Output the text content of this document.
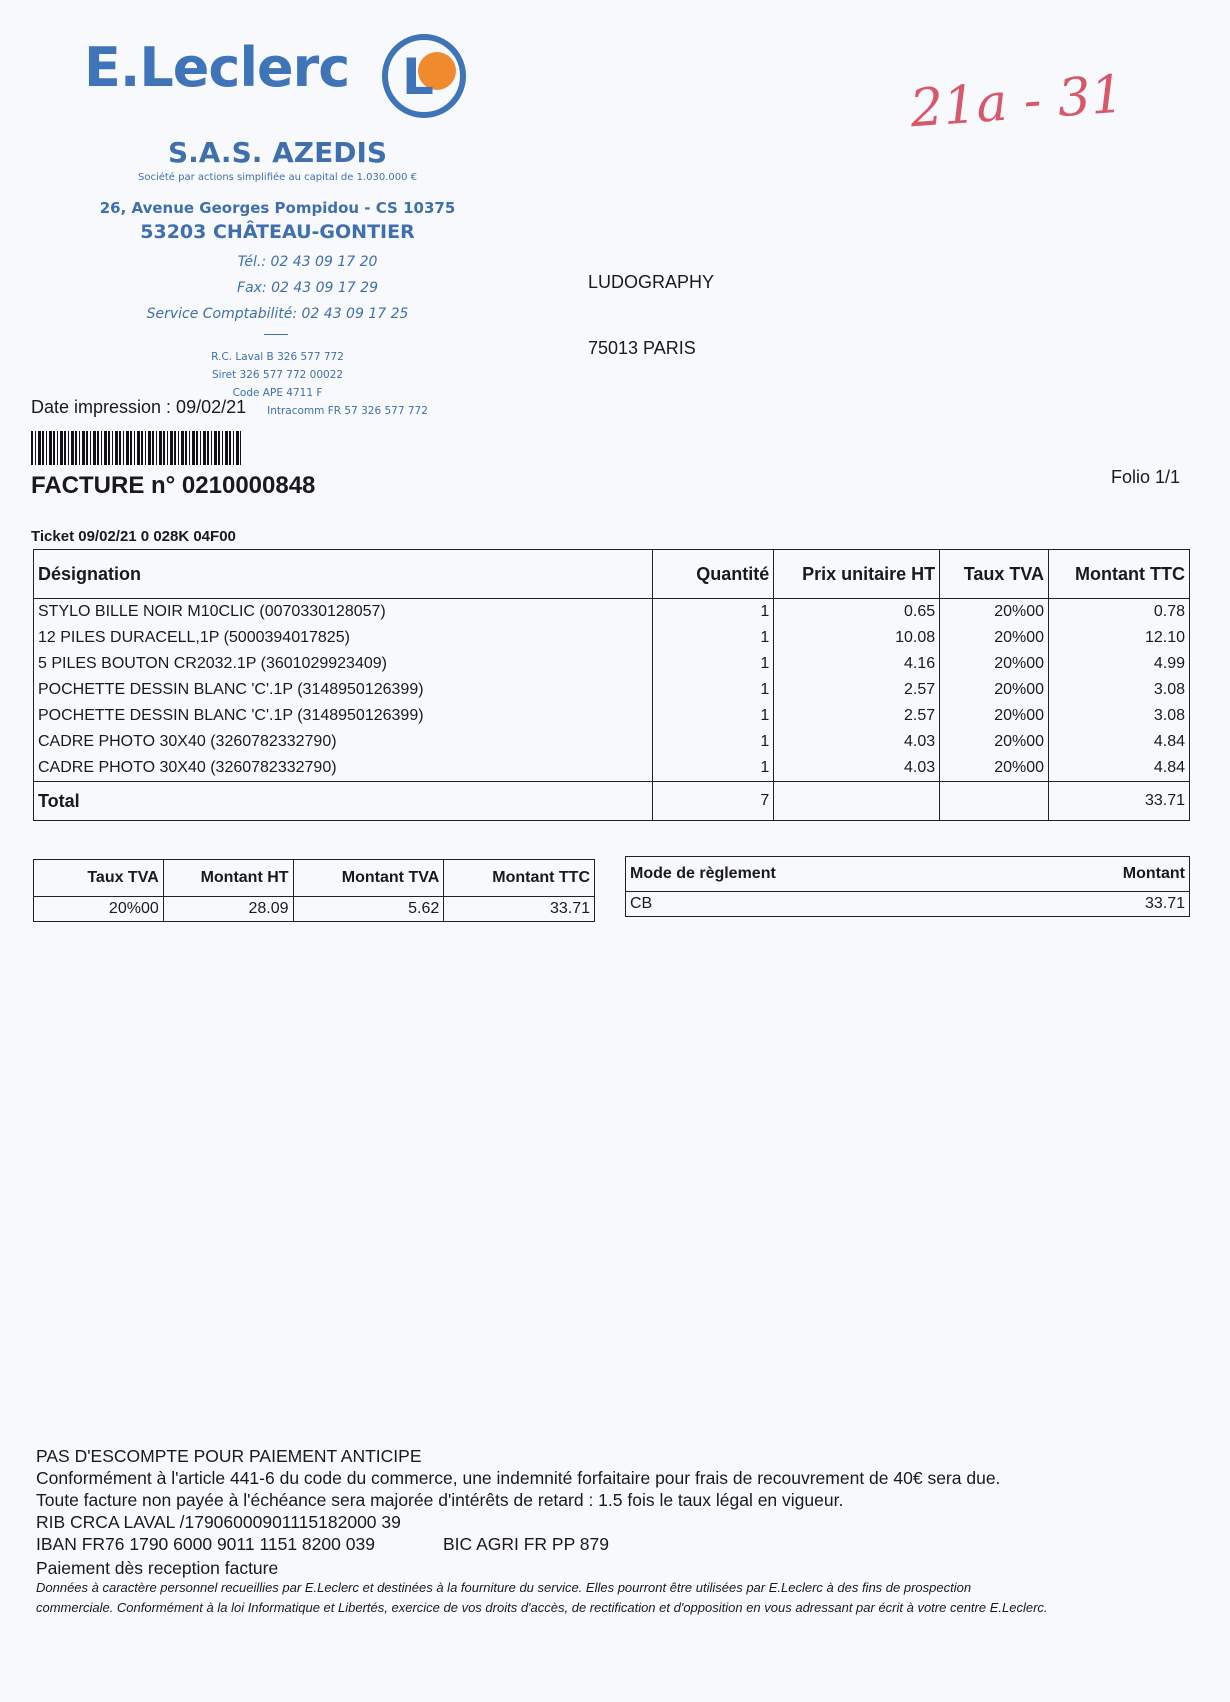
E.Leclerc L
S.A.S. AZEDIS
Société par actions simplifiée au capital de 1.030.000 €
26, Avenue Georges Pompidou - CS 10375
53203 CHÂTEAU-GONTIER
Tél.: 02 43 09 17 20
Fax: 02 43 09 17 29
Service Comptabilité: 02 43 09 17 25
R.C. Laval B 326 577 772
Siret 326 577 772 00022
Code APE 4711 F
Intracomm FR 57 326 577 772
21a - 31
LUDOGRAPHY
75013 PARIS
Date impression : 09/02/21
FACTURE n° 0210000848	Folio 1/1
Ticket 09/02/21 0 028K 04F00
Désignation	Quantité	Prix unitaire HT	Taux TVA	Montant TTC
STYLO BILLE NOIR M10CLIC (0070330128057)	1	0.65	20%00	0.78
12 PILES DURACELL,1P (5000394017825)	1	10.08	20%00	12.10
5 PILES BOUTON CR2032.1P (3601029923409)	1	4.16	20%00	4.99
POCHETTE DESSIN BLANC 'C'.1P (3148950126399)	1	2.57	20%00	3.08
POCHETTE DESSIN BLANC 'C'.1P (3148950126399)	1	2.57	20%00	3.08
CADRE PHOTO 30X40 (3260782332790)	1	4.03	20%00	4.84
CADRE PHOTO 30X40 (3260782332790)	1	4.03	20%00	4.84
Total	7			33.71
Taux TVA	Montant HT	Montant TVA	Montant TTC
20%00	28.09	5.62	33.71
Mode de règlement	Montant
CB	33.71
PAS D'ESCOMPTE POUR PAIEMENT ANTICIPE
Conformément à l'article 441-6 du code du commerce, une indemnité forfaitaire pour frais de recouvrement de 40€ sera due.
Toute facture non payée à l'échéance sera majorée d'intérêts de retard : 1.5 fois le taux légal en vigueur.
RIB CRCA LAVAL /17906000901115182000 39
IBAN FR76 1790 6000 9011 1151 8200 039	BIC AGRI FR PP 879
Paiement dès reception facture
Données à caractère personnel recueillies par E.Leclerc et destinées à la fourniture du service. Elles pourront être utilisées par E.Leclerc à des fins de prospection
commerciale. Conformément à la loi Informatique et Libertés, exercice de vos droits d'accès, de rectification et d'opposition en vous adressant par écrit à votre centre E.Leclerc.
